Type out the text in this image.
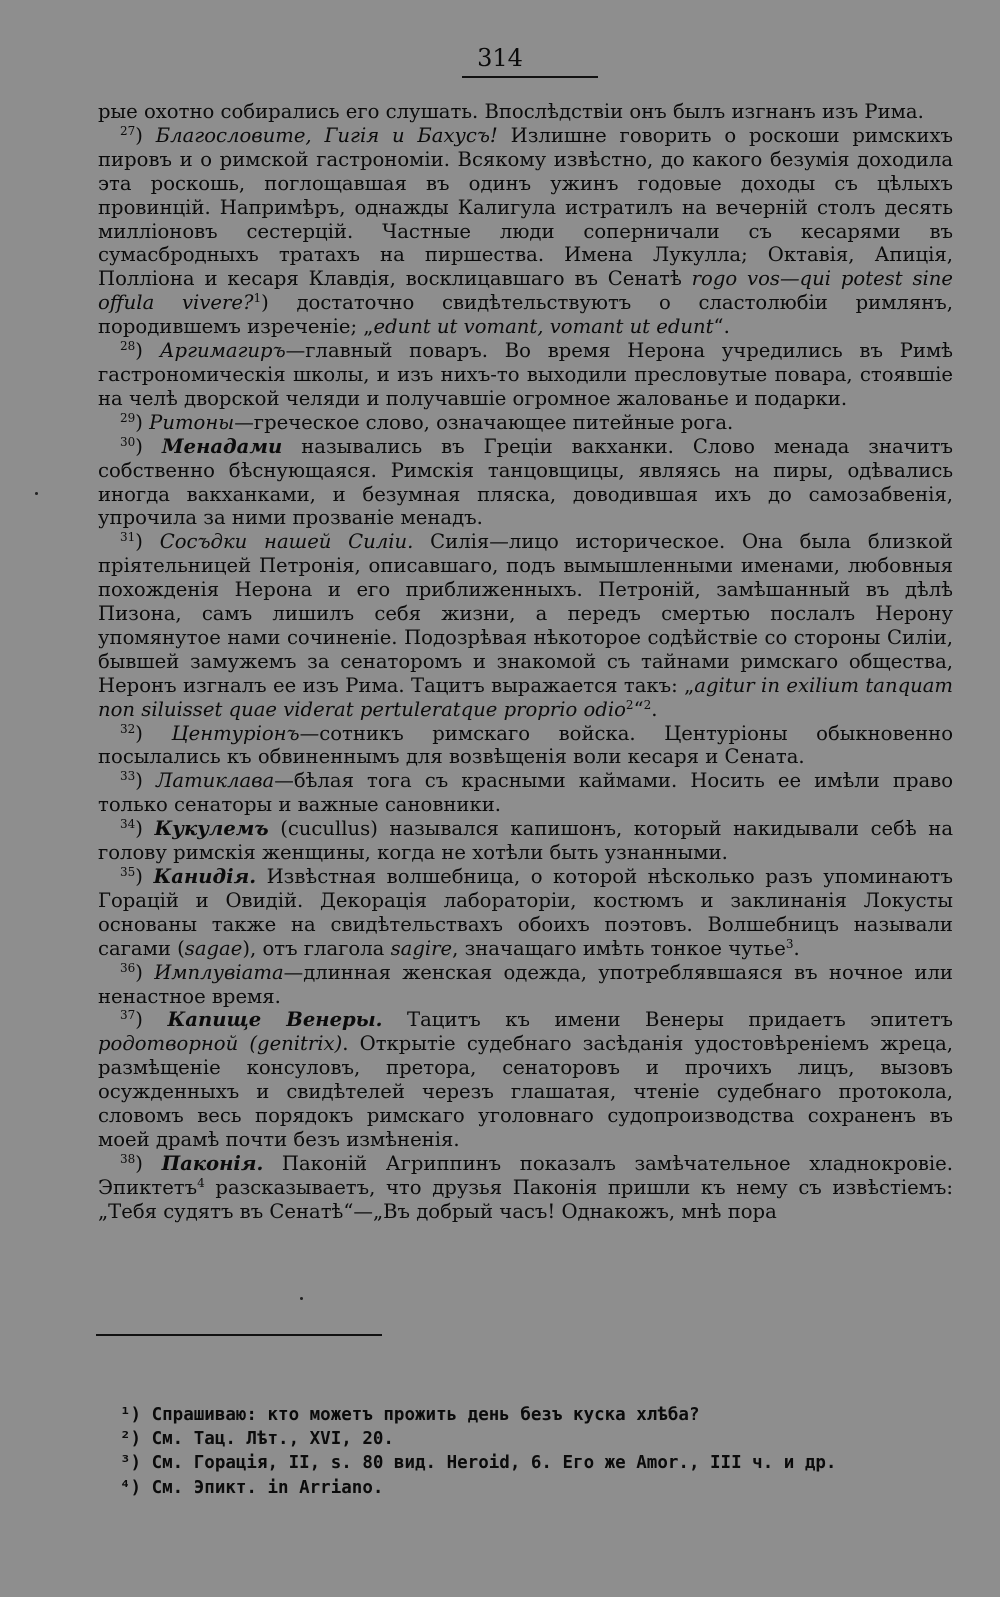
314

рые охотно собирались его слушать. Впослѣдствіи онъ былъ изгнанъ изъ Рима.

$^{27}$) Благословите, Гигія и Бахусъ! Излишне говорить о роскоши римскихъ пировъ и о римской гастрономіи. Всякому извѣстно, до какого безумія доходила эта роскошь, поглощавшая въ одинъ ужинъ годовые доходы съ цѣлыхъ провинцій. Напримѣръ, однажды Калигула истратилъ на вечерній столъ десять милліоновъ сестерцій. Частные люди соперничали съ кесарями въ сумасбродныхъ тратахъ на пиршества. Имена Лукулла; Октавія, Апиція, Полліона и кесаря Клавдія, восклицавшаго въ Сенатѣ rogo vos—qui potest sine offula vivere?$^1$) достаточно свидѣтельствуютъ о сластолюбіи римлянъ, породившемъ изреченіе; „edunt ut vomant, vomant ut edunt“.

$^{28}$) Аргимагиръ—главный поваръ. Во время Нерона учредились въ Римѣ гастрономическія школы, и изъ нихъ-то выходили пресловутые повара, стоявшіе на челѣ дворской челяди и получавшіе огромное жалованье и подарки.

$^{29}$) Ритоны—греческое слово, означающее питейные рога.

$^{30}$) Менадами назывались въ Греціи вакханки. Слово менада значитъ собственно бѣснующаяся. Римскія танцовщицы, являясь на пиры, одѣвались иногда вакханками, и безумная пляска, доводившая ихъ до самозабвенія, упрочила за ними прозваніе менадъ.

$^{31}$) Сосъдки нашей Силіи. Силія—лицо историческое. Она была близкой пріятельницей Петронія, описавшаго, подъ вымышленными именами, любовныя похожденія Нерона и его приближенныхъ. Петроній, замѣшанный въ дѣлѣ Пизона, самъ лишилъ себя жизни, а передъ смертью послалъ Нерону упомянутое нами сочиненіе. Подозрѣвая нѣкоторое содѣйствіе со стороны Силіи, бывшей замужемъ за сенаторомъ и знакомой съ тайнами римскаго общества, Неронъ изгналъ ее изъ Рима. Тацитъ выражается такъ: „agitur in exilium tanquam non siluisset quae viderat pertuleratque proprio odio$^2$“$^2$.

$^{32}$) Центуріонъ—сотникъ римскаго войска. Центуріоны обыкновенно посылались къ обвиненнымъ для возвѣщенія воли кесаря и Сената.

$^{33}$) Латиклава—бѣлая тога съ красными каймами. Носить ее имѣли право только сенаторы и важные сановники.

$^{34}$) Кукулемъ (cucullus) назывался капишонъ, который накидывали себѣ на голову римскія женщины, когда не хотѣли быть узнанными.

$^{35}$) Канидія. Извѣстная волшебница, о которой нѣсколько разъ упоминаютъ Горацій и Овидій. Декорація лабораторіи, костюмъ и заклинанія Локусты основаны также на свидѣтельствахъ обоихъ поэтовъ. Волшебницъ называли сагами (sagae), отъ глагола sagire, значащаго имѣть тонкое чутье$^3$.

$^{36}$) Имплувіата—длинная женская одежда, употреблявшаяся въ ночное или ненастное время.

$^{37}$) Капище Венеры. Тацитъ къ имени Венеры придаетъ эпитетъ родотворной (genitrix). Открытіе судебнаго засѣданія удостовѣреніемъ жреца, размѣщеніе консуловъ, претора, сенаторовъ и прочихъ лицъ, вызовъ осужденныхъ и свидѣтелей черезъ глашатая, чтеніе судебнаго протокола, словомъ весь порядокъ римскаго уголовнаго судопроизводства сохраненъ въ моей драмѣ почти безъ измѣненія.

$^{38}$) Паконія. Паконій Агриппинъ показалъ замѣчательное хладнокровіе. Эпиктетъ$^4$ разсказываетъ, что друзья Паконія пришли къ нему съ извѣстіемъ: „Тебя судятъ въ Сенатѣ“—„Въ добрый часъ! Однакожъ, мнѣ пора

¹) Спрашиваю: кто можетъ прожить день безъ куска хлѣба?
²) См. Тац. Лѣт., XVI, 20.
³) См. Горація, II, s. 80 вид. Heroid, 6. Его же Amor., III ч. и др.
⁴) См. Эпикт. in Arriano.
